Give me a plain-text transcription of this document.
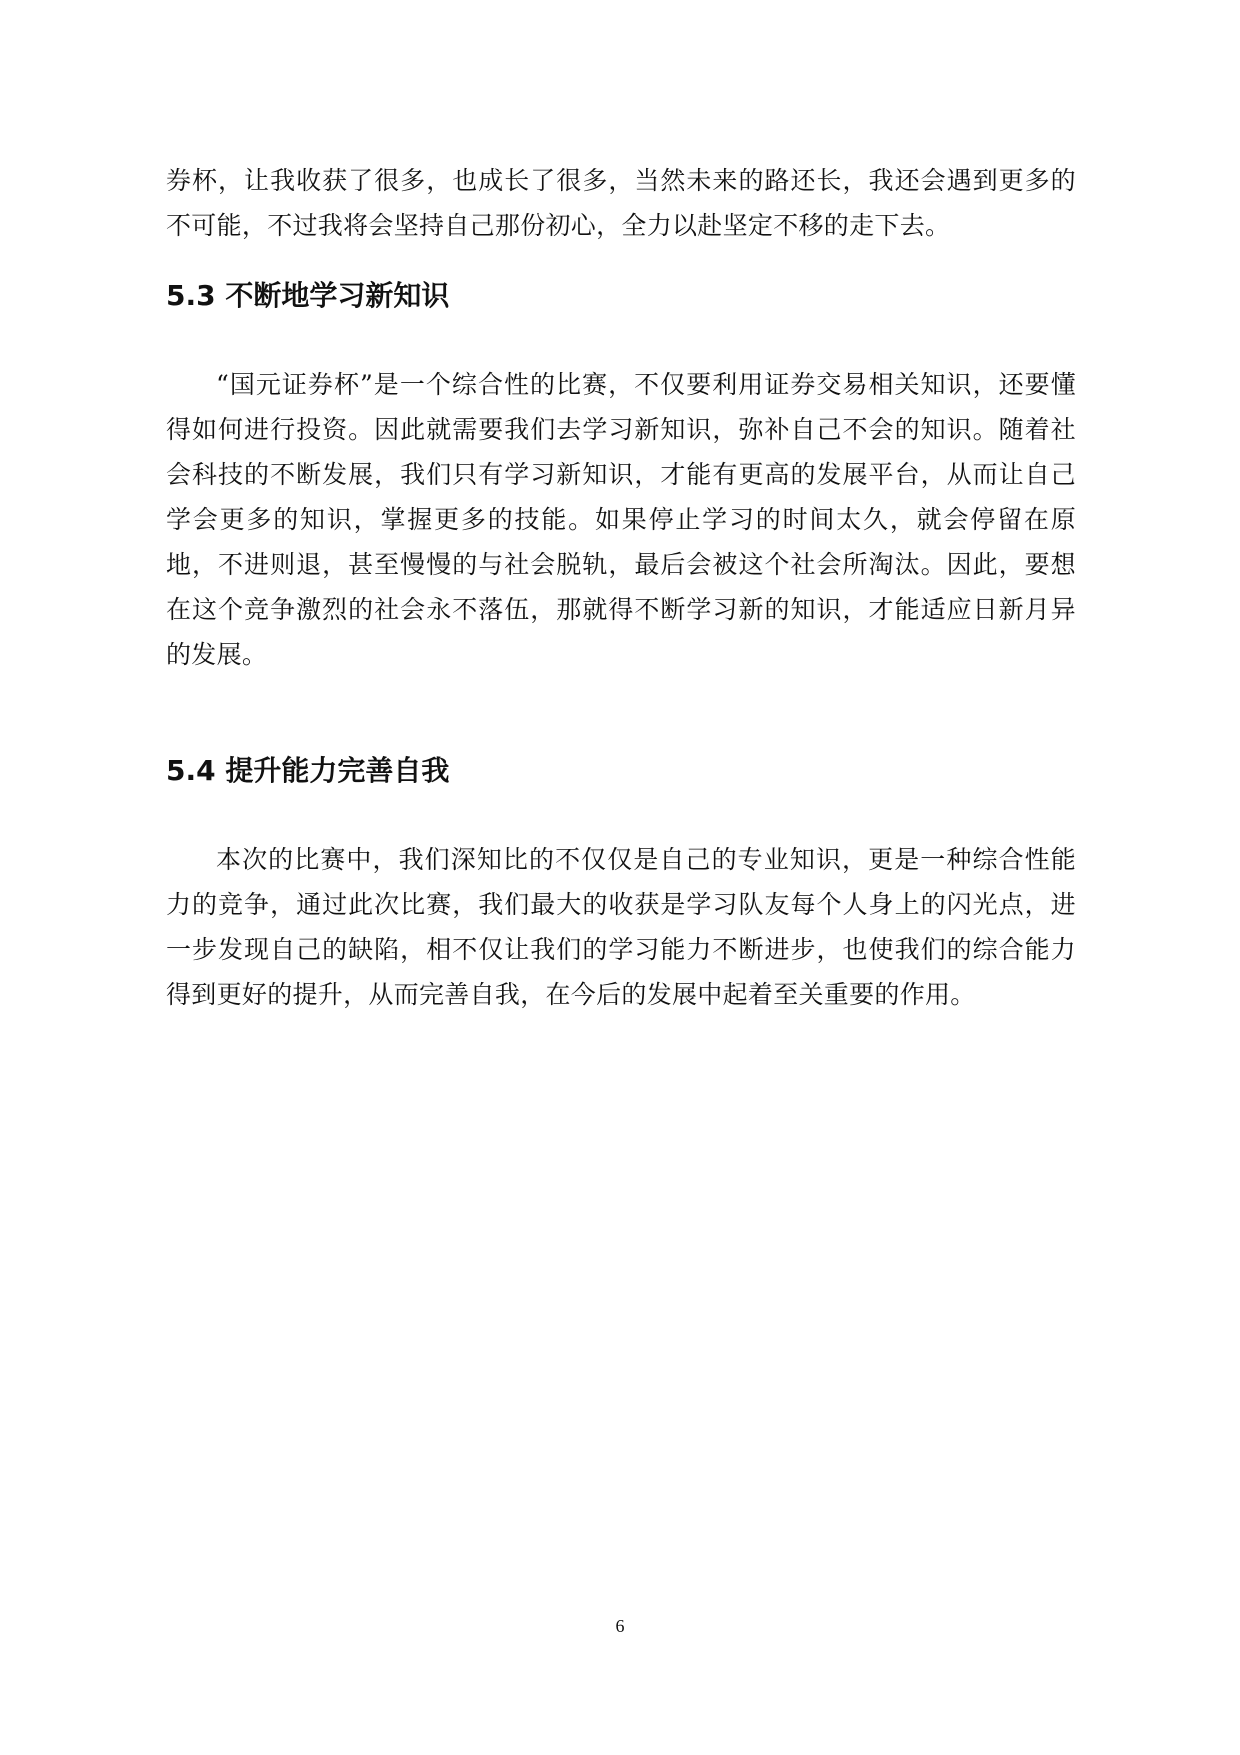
券杯，让我收获了很多，也成长了很多，当然未来的路还长，我还会遇到更多的不可能，不过我将会坚持自己那份初心，全力以赴坚定不移的走下去。

5.3 不断地学习新知识

“国元证券杯”是一个综合性的比赛，不仅要利用证券交易相关知识，还要懂得如何进行投资。因此就需要我们去学习新知识，弥补自己不会的知识。随着社会科技的不断发展，我们只有学习新知识，才能有更高的发展平台，从而让自己学会更多的知识，掌握更多的技能。如果停止学习的时间太久，就会停留在原地，不进则退，甚至慢慢的与社会脱轨，最后会被这个社会所淘汰。因此，要想在这个竞争激烈的社会永不落伍，那就得不断学习新的知识，才能适应日新月异的发展。

5.4 提升能力完善自我

本次的比赛中，我们深知比的不仅仅是自己的专业知识，更是一种综合性能力的竞争，通过此次比赛，我们最大的收获是学习队友每个人身上的闪光点，进一步发现自己的缺陷，相不仅让我们的学习能力不断进步，也使我们的综合能力得到更好的提升，从而完善自我，在今后的发展中起着至关重要的作用。

6
